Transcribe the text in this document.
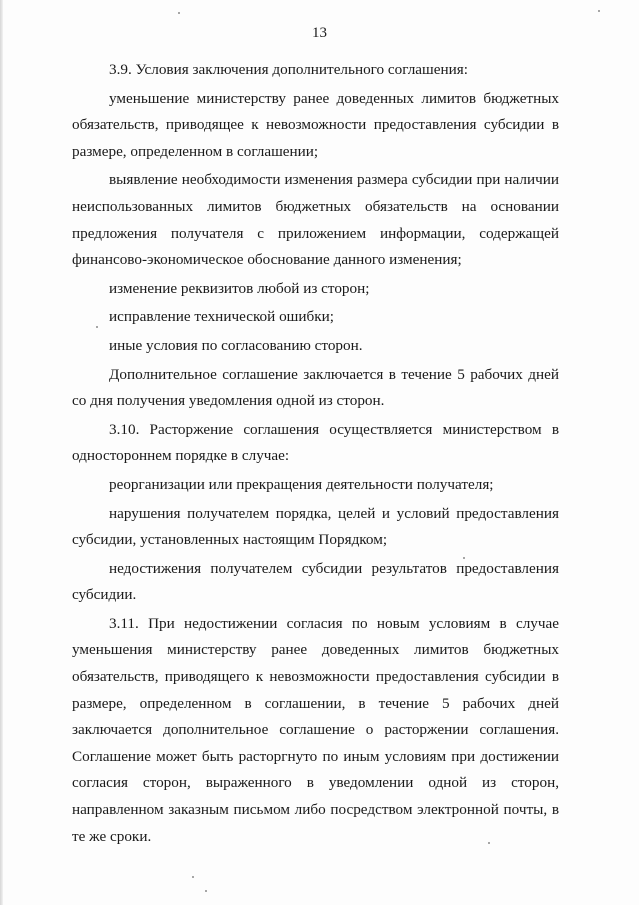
13

3.9. Условия заключения дополнительного соглашения:

уменьшение министерству ранее доведенных лимитов бюджетных обязательств, приводящее к невозможности предоставления субсидии в размере, определенном в соглашении;

выявление необходимости изменения размера субсидии при наличии неиспользованных лимитов бюджетных обязательств на основании предложения получателя с приложением информации, содержащей финансово-экономическое обоснование данного изменения;

изменение реквизитов любой из сторон;

исправление технической ошибки;

иные условия по согласованию сторон.

Дополнительное соглашение заключается в течение 5 рабочих дней со дня получения уведомления одной из сторон.

3.10. Расторжение соглашения осуществляется министерством в одностороннем порядке в случае:

реорганизации или прекращения деятельности получателя;

нарушения получателем порядка, целей и условий предоставления субсидии, установленных настоящим Порядком;

недостижения получателем субсидии результатов предоставления субсидии.

3.11. При недостижении согласия по новым условиям в случае уменьшения министерству ранее доведенных лимитов бюджетных обязательств, приводящего к невозможности предоставления субсидии в размере, определенном в соглашении, в течение 5 рабочих дней заключается дополнительное соглашение о расторжении соглашения. Соглашение может быть расторгнуто по иным условиям при достижении согласия сторон, выраженного в уведомлении одной из сторон, направленном заказным письмом либо посредством электронной почты, в те же сроки.
